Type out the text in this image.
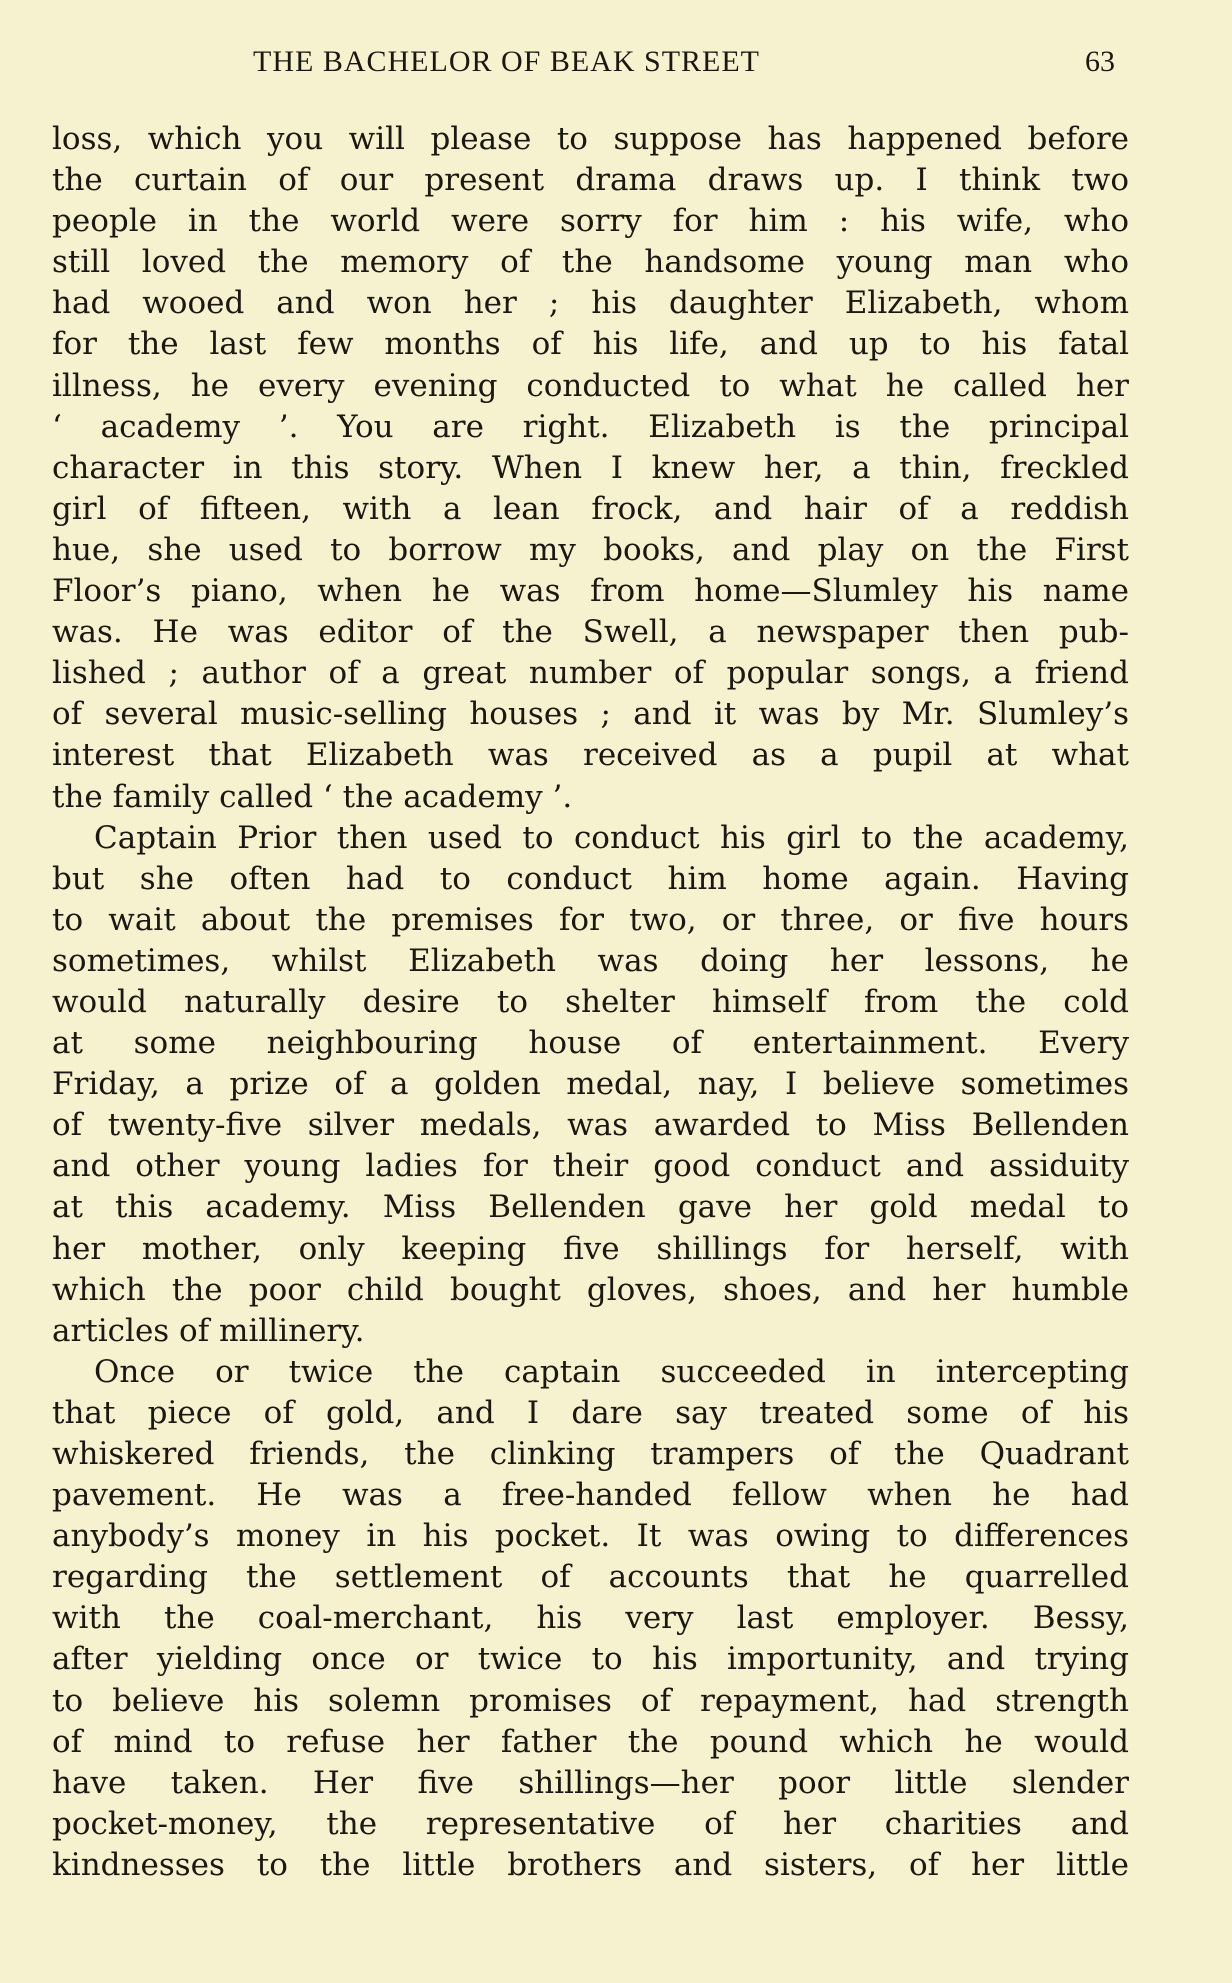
THE BACHELOR OF BEAK STREET	63
loss, which you will please to suppose has happened before
the curtain of our present drama draws up. I think two
people in the world were sorry for him : his wife, who
still loved the memory of the handsome young man who
had wooed and won her ; his daughter Elizabeth, whom
for the last few months of his life, and up to his fatal
illness, he every evening conducted to what he called her
‘ academy ’. You are right. Elizabeth is the principal
character in this story. When I knew her, a thin, freckled
girl of fifteen, with a lean frock, and hair of a reddish
hue, she used to borrow my books, and play on the First
Floor’s piano, when he was from home—Slumley his name
was. He was editor of the Swell, a newspaper then pub-
lished ; author of a great number of popular songs, a friend
of several music-selling houses ; and it was by Mr. Slumley’s
interest that Elizabeth was received as a pupil at what
the family called ‘ the academy ’.
Captain Prior then used to conduct his girl to the academy,
but she often had to conduct him home again. Having
to wait about the premises for two, or three, or five hours
sometimes, whilst Elizabeth was doing her lessons, he
would naturally desire to shelter himself from the cold
at some neighbouring house of entertainment. Every
Friday, a prize of a golden medal, nay, I believe sometimes
of twenty-five silver medals, was awarded to Miss Bellenden
and other young ladies for their good conduct and assiduity
at this academy. Miss Bellenden gave her gold medal to
her mother, only keeping five shillings for herself, with
which the poor child bought gloves, shoes, and her humble
articles of millinery.
Once or twice the captain succeeded in intercepting
that piece of gold, and I dare say treated some of his
whiskered friends, the clinking trampers of the Quadrant
pavement. He was a free-handed fellow when he had
anybody’s money in his pocket. It was owing to differences
regarding the settlement of accounts that he quarrelled
with the coal-merchant, his very last employer. Bessy,
after yielding once or twice to his importunity, and trying
to believe his solemn promises of repayment, had strength
of mind to refuse her father the pound which he would
have taken. Her five shillings—her poor little slender
pocket-money, the representative of her charities and
kindnesses to the little brothers and sisters, of her little
